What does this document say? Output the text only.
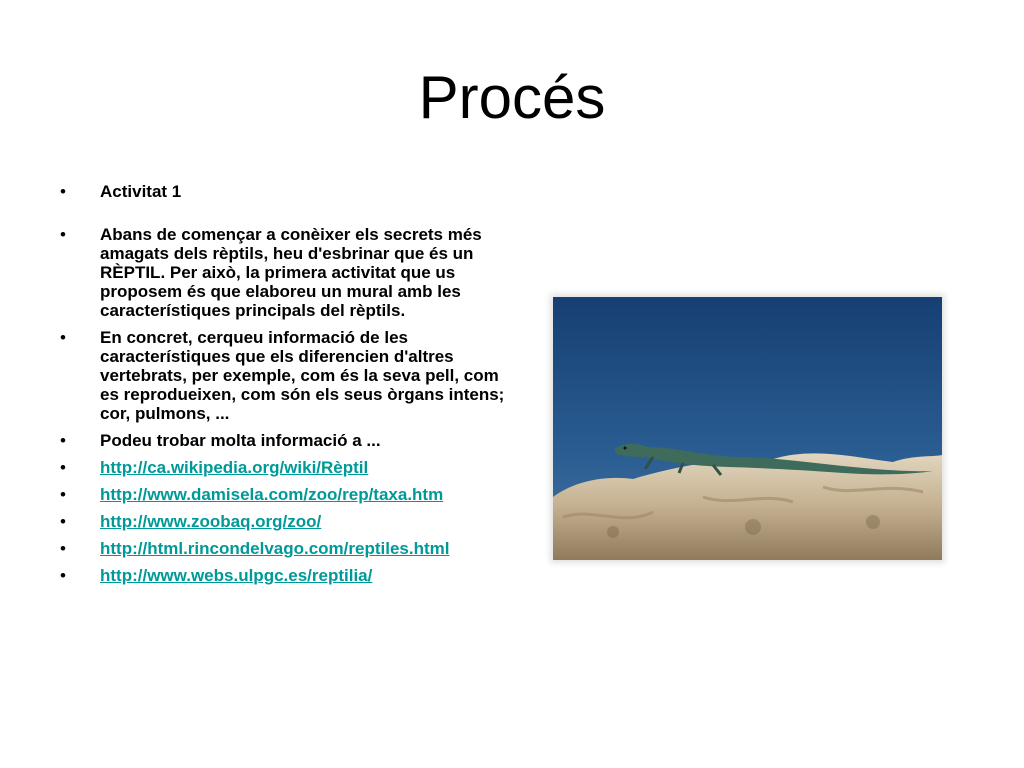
Procés
• Activitat 1
• Abans de començar a conèixer els secrets més amagats dels rèptils, heu d'esbrinar que és un RÈPTIL. Per això, la primera activitat que us proposem és que elaboreu un mural amb les característiques principals del rèptils.
• En concret, cerqueu informació de les característiques que els diferencien d'altres vertebrats, per exemple, com és la seva pell, com es reprodueixen, com són els seus òrgans intens; cor, pulmons, ...
• Podeu trobar molta informació a ...
• http://ca.wikipedia.org/wiki/Rèptil
• http://www.damisela.com/zoo/rep/taxa.htm
• http://www.zoobaq.org/zoo/
• http://html.rincondelvago.com/reptiles.html
• http://www.webs.ulpgc.es/reptilia/
